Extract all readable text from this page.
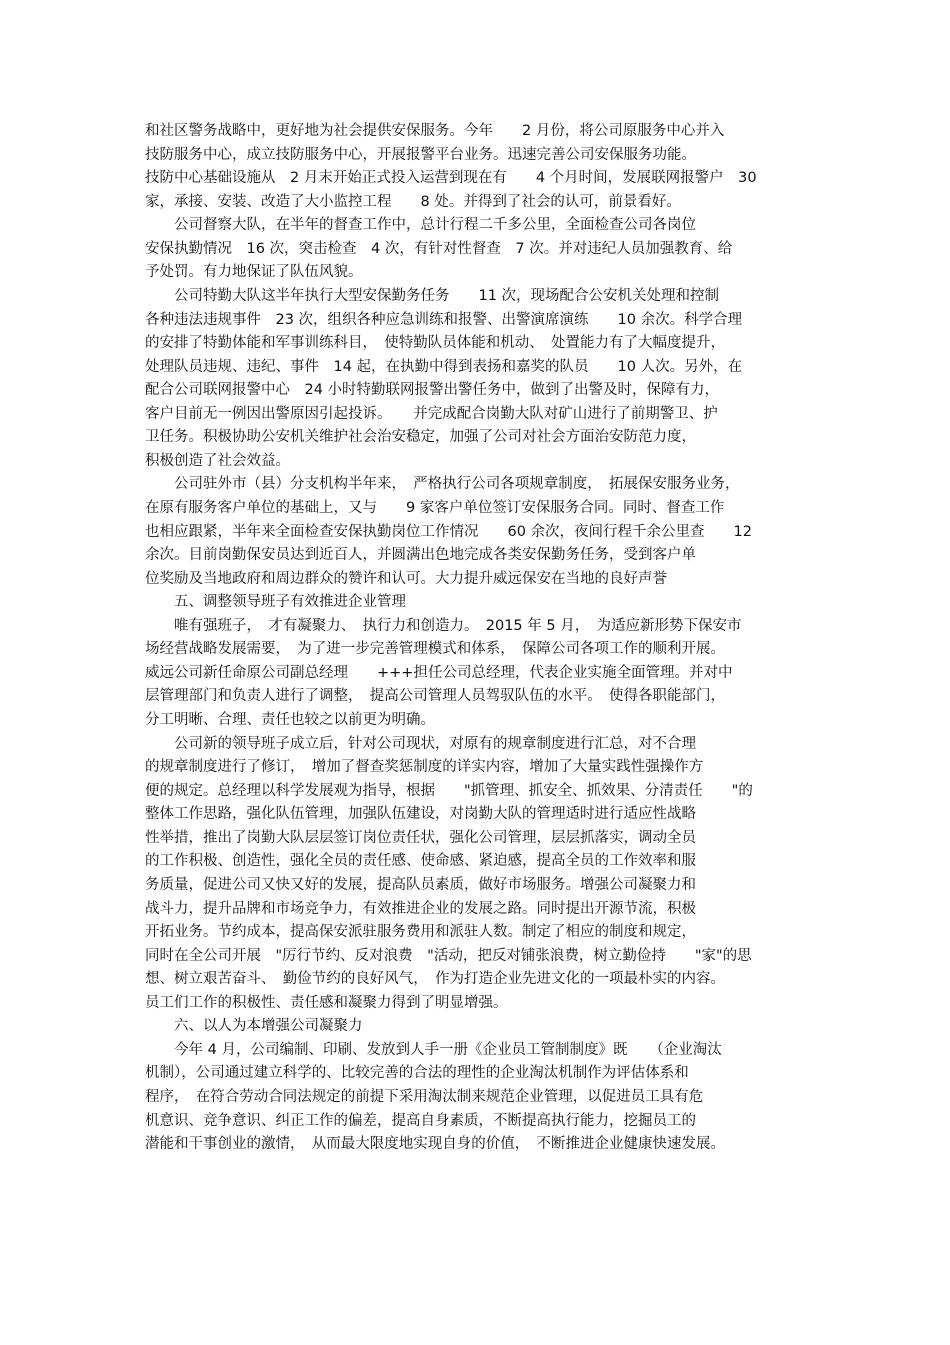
和社区警务战略中，更好地为社会提供安保服务。今年　　2 月份，将公司原服务中心并入
技防服务中心，成立技防服务中心，开展报警平台业务。迅速完善公司安保服务功能。
技防中心基础设施从　2 月末开始正式投入运营到现在有　　4 个月时间，发展联网报警户　30
家，承接、安装、改造了大小监控工程　　8 处。并得到了社会的认可，前景看好。
　　公司督察大队，在半年的督查工作中，总计行程二千多公里，全面检查公司各岗位
安保执勤情况　16 次，突击检查　4 次，有针对性督查　7 次。并对违纪人员加强教育、给
予处罚。有力地保证了队伍风貌。
　　公司特勤大队这半年执行大型安保勤务任务　　11 次，现场配合公安机关处理和控制
各种违法违规事件　23 次，组织各种应急训练和报警、出警演席演练　　10 余次。科学合理
的安排了特勤体能和军事训练科目，　使特勤队员体能和机动、　处置能力有了大幅度提升，
处理队员违规、违纪、事件　14 起，在执勤中得到表扬和嘉奖的队员　　10 人次。另外，在
配合公司联网报警中心　24 小时特勤联网报警出警任务中，做到了出警及时，保障有力，
客户目前无一例因出警原因引起投诉。　　并完成配合岗勤大队对矿山进行了前期警卫、护
卫任务。积极协助公安机关维护社会治安稳定，加强了公司对社会方面治安防范力度，
积极创造了社会效益。
　　公司驻外市（县）分支机构半年来，　严格执行公司各项规章制度，　拓展保安服务业务，
在原有服务客户单位的基础上，又与　　9 家客户单位签订安保服务合同。同时、督查工作
也相应跟紧，半年来全面检查安保执勤岗位工作情况　　60 余次，夜间行程千余公里查　　12
余次。目前岗勤保安员达到近百人，并圆满出色地完成各类安保勤务任务，受到客户单
位奖励及当地政府和周边群众的赞许和认可。大力提升威远保安在当地的良好声誉
　　五、调整领导班子有效推进企业管理
　　唯有强班子，　才有凝聚力、　执行力和创造力。　2015 年 5 月，　为适应新形势下保安市
场经营战略发展需要，　为了进一步完善管理模式和体系，　保障公司各项工作的顺利开展。
威远公司新任命原公司副总经理　　+++担任公司总经理，代表企业实施全面管理。并对中
层管理部门和负责人进行了调整，　提高公司管理人员驾驭队伍的水平。　使得各职能部门，
分工明晰、合理、责任也较之以前更为明确。
　　公司新的领导班子成立后，针对公司现状，对原有的规章制度进行汇总，对不合理
的规章制度进行了修订，　增加了督查奖惩制度的详实内容，增加了大量实践性强操作方
便的规定。总经理以科学发展观为指导，根据　　"抓管理、抓安全、抓效果、分清责任　　"的
整体工作思路，强化队伍管理，加强队伍建设，对岗勤大队的管理适时进行适应性战略
性举措，推出了岗勤大队层层签订岗位责任状，强化公司管理，层层抓落实，调动全员
的工作积极、创造性，强化全员的责任感、使命感、紧迫感，提高全员的工作效率和服
务质量，促进公司又快又好的发展，提高队员素质，做好市场服务。增强公司凝聚力和
战斗力，提升品牌和市场竞争力，有效推进企业的发展之路。同时提出开源节流，积极
开拓业务。节约成本，提高保安派驻服务费用和派驻人数。制定了相应的制度和规定，
同时在全公司开展　"厉行节约、反对浪费　"活动，把反对铺张浪费，树立勤俭持　　"家"的思
想、树立艰苦奋斗、　勤俭节约的良好风气，　作为打造企业先进文化的一项最朴实的内容。
员工们工作的积极性、责任感和凝聚力得到了明显增强。
　　六、以人为本增强公司凝聚力
　　今年 4 月，公司编制、印刷、发放到人手一册《企业员工管制制度》既　　（企业淘汰
机制），公司通过建立科学的、比较完善的合法的理性的企业淘汰机制作为评估体系和
程序，　在符合劳动合同法规定的前提下采用淘汰制来规范企业管理，以促进员工具有危
机意识、竞争意识、纠正工作的偏差，提高自身素质，不断提高执行能力，挖掘员工的
潜能和干事创业的激情，　从而最大限度地实现自身的价值，　不断推进企业健康快速发展。
